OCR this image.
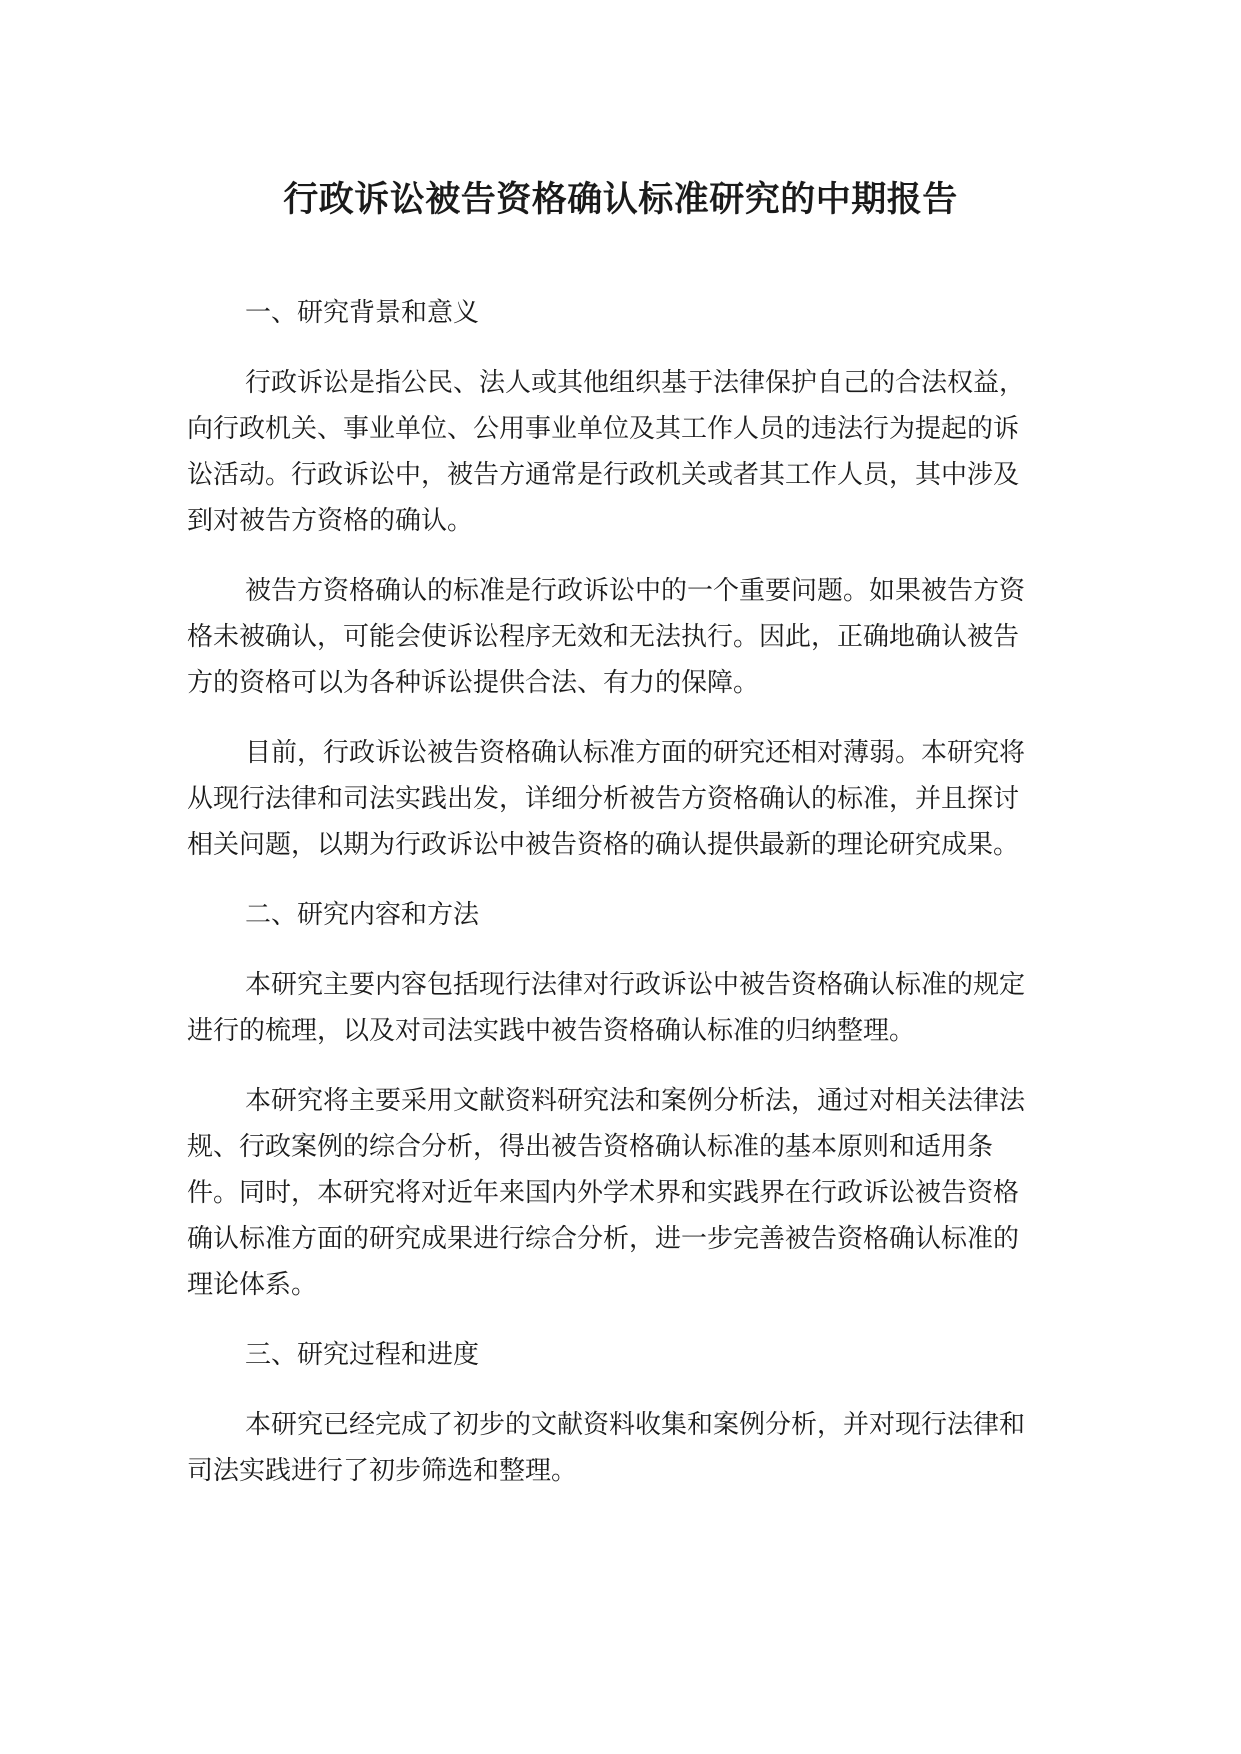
行政诉讼被告资格确认标准研究的中期报告

一、研究背景和意义

行政诉讼是指公民、法人或其他组织基于法律保护自己的合法权益，向行政机关、事业单位、公用事业单位及其工作人员的违法行为提起的诉讼活动。行政诉讼中，被告方通常是行政机关或者其工作人员，其中涉及到对被告方资格的确认。

被告方资格确认的标准是行政诉讼中的一个重要问题。如果被告方资格未被确认，可能会使诉讼程序无效和无法执行。因此，正确地确认被告方的资格可以为各种诉讼提供合法、有力的保障。

目前，行政诉讼被告资格确认标准方面的研究还相对薄弱。本研究将从现行法律和司法实践出发，详细分析被告方资格确认的标准，并且探讨相关问题，以期为行政诉讼中被告资格的确认提供最新的理论研究成果。

二、研究内容和方法

本研究主要内容包括现行法律对行政诉讼中被告资格确认标准的规定进行的梳理，以及对司法实践中被告资格确认标准的归纳整理。

本研究将主要采用文献资料研究法和案例分析法，通过对相关法律法规、行政案例的综合分析，得出被告资格确认标准的基本原则和适用条件。同时，本研究将对近年来国内外学术界和实践界在行政诉讼被告资格确认标准方面的研究成果进行综合分析，进一步完善被告资格确认标准的理论体系。

三、研究过程和进度

本研究已经完成了初步的文献资料收集和案例分析，并对现行法律和司法实践进行了初步筛选和整理。
